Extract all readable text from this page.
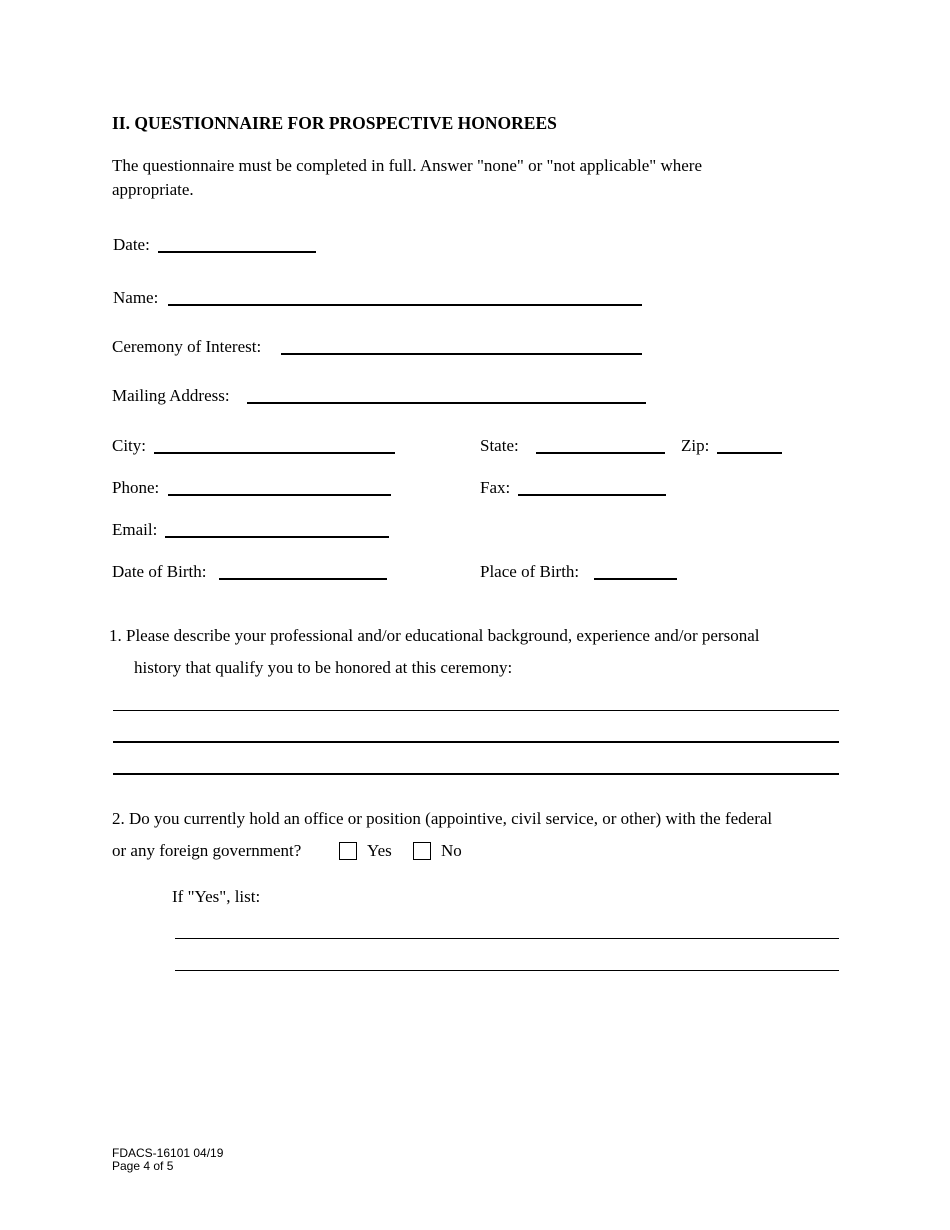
II. QUESTIONNAIRE FOR PROSPECTIVE HONOREES
The questionnaire must be completed in full. Answer "none" or "not applicable" where
appropriate.
Date:
Name:
Ceremony of Interest:
Mailing Address:
City:	State:	Zip:
Phone:	Fax:
Email:
Date of Birth:	Place of Birth:
1. Please describe your professional and/or educational background, experience and/or personal
history that qualify you to be honored at this ceremony:
2. Do you currently hold an office or position (appointive, civil service, or other) with the federal
or any foreign government?	Yes	No
If "Yes", list:
FDACS-16101 04/19
Page 4 of 5
